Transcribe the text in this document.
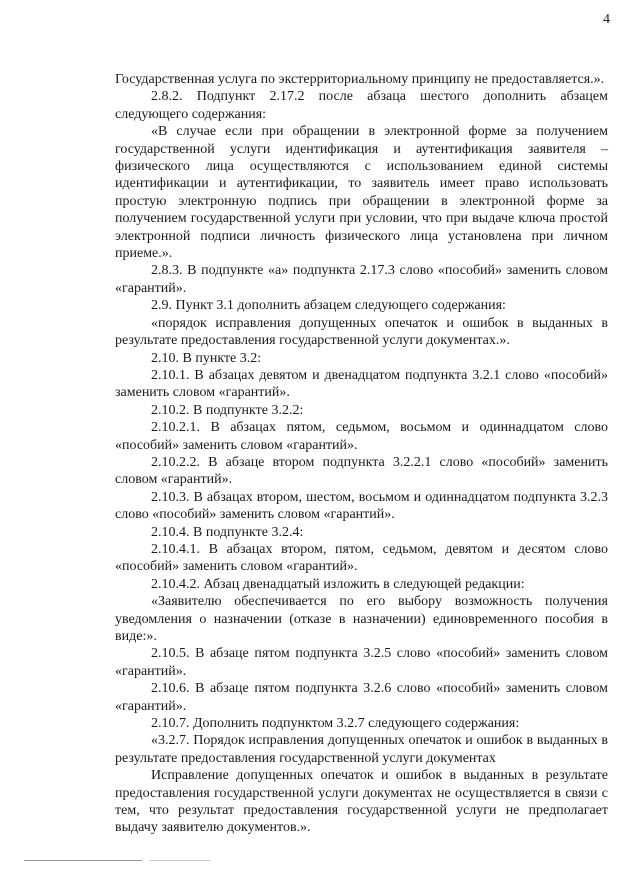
4

Государственная услуга по экстерриториальному принципу не предоставляется.».

2.8.2. Подпункт 2.17.2 после абзаца шестого дополнить абзацем следующего содержания:

«В случае если при обращении в электронной форме за получением государственной услуги идентификация и аутентификация заявителя – физического лица осуществляются с использованием единой системы идентификации и аутентификации, то заявитель имеет право использовать простую электронную подпись при обращении в электронной форме за получением государственной услуги при условии, что при выдаче ключа простой электронной подписи личность физического лица установлена при личном приеме.».

2.8.3. В подпункте «а» подпункта 2.17.3 слово «пособий» заменить словом «гарантий».

2.9. Пункт 3.1 дополнить абзацем следующего содержания:

«порядок исправления допущенных опечаток и ошибок в выданных в результате предоставления государственной услуги документах.».

2.10. В пункте 3.2:

2.10.1. В абзацах девятом и двенадцатом подпункта 3.2.1 слово «пособий» заменить словом «гарантий».

2.10.2. В подпункте 3.2.2:

2.10.2.1. В абзацах пятом, седьмом, восьмом и одиннадцатом слово «пособий» заменить словом «гарантий».

2.10.2.2. В абзаце втором подпункта 3.2.2.1 слово «пособий» заменить словом «гарантий».

2.10.3. В абзацах втором, шестом, восьмом и одиннадцатом подпункта 3.2.3 слово «пособий» заменить словом «гарантий».

2.10.4. В подпункте 3.2.4:

2.10.4.1. В абзацах втором, пятом, седьмом, девятом и десятом слово «пособий» заменить словом «гарантий».

2.10.4.2. Абзац двенадцатый изложить в следующей редакции:

«Заявителю обеспечивается по его выбору возможность получения уведомления о назначении (отказе в назначении) единовременного пособия в виде:».

2.10.5. В абзаце пятом подпункта 3.2.5 слово «пособий» заменить словом «гарантий».

2.10.6. В абзаце пятом подпункта 3.2.6 слово «пособий» заменить словом «гарантий».

2.10.7. Дополнить подпунктом 3.2.7 следующего содержания:

«3.2.7. Порядок исправления допущенных опечаток и ошибок в выданных в результате предоставления государственной услуги документах

Исправление допущенных опечаток и ошибок в выданных в результате предоставления государственной услуги документах не осуществляется в связи с тем, что результат предоставления государственной услуги не предполагает выдачу заявителю документов.».
